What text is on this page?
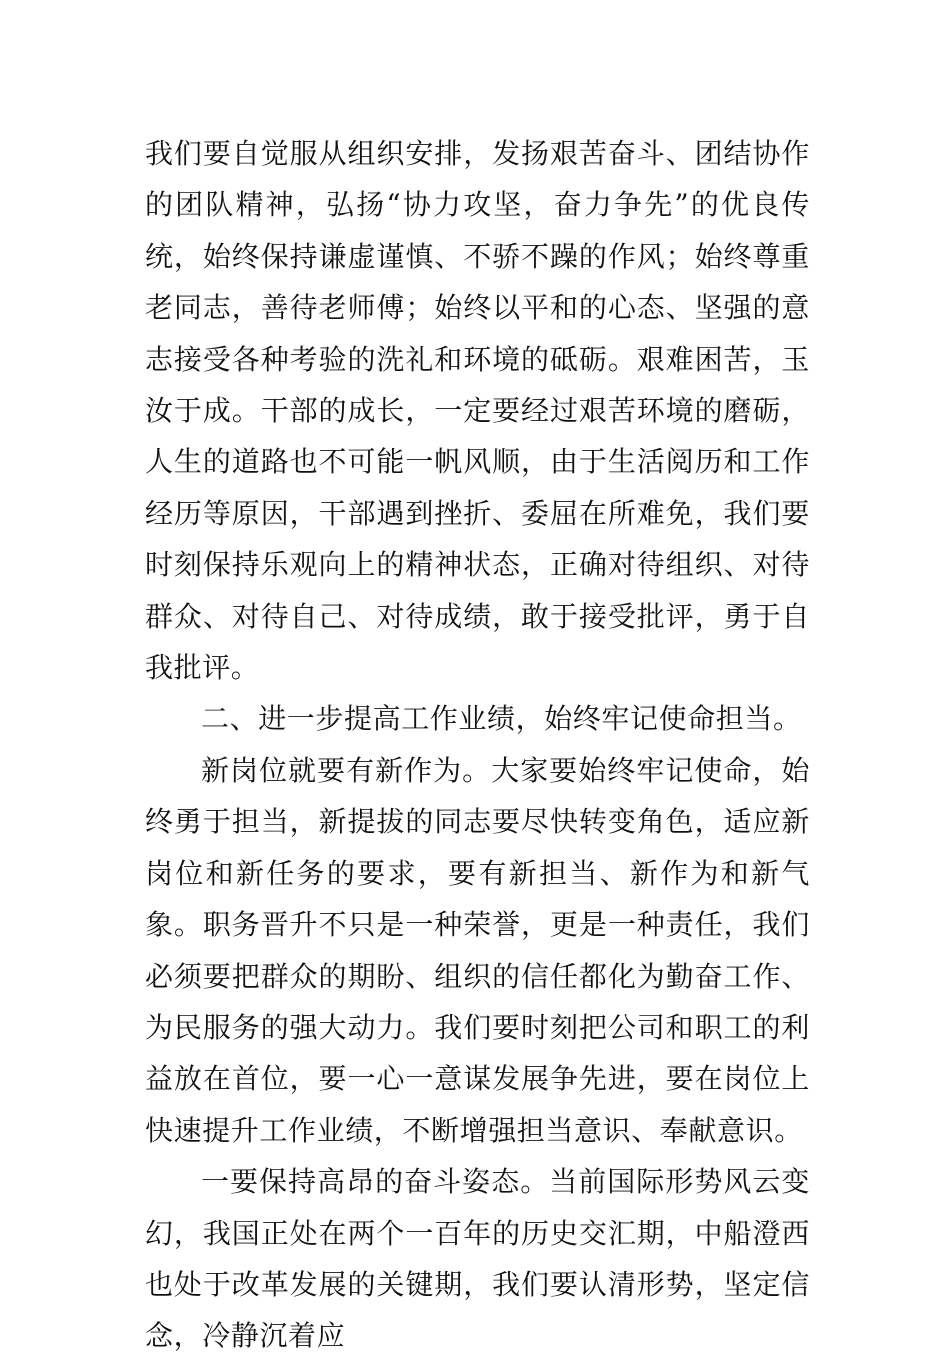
我们要自觉服从组织安排，发扬艰苦奋斗、团结协作的团队精神，弘扬“协力攻坚，奋力争先”的优良传统，始终保持谦虚谨慎、不骄不躁的作风；始终尊重老同志，善待老师傅；始终以平和的心态、坚强的意志接受各种考验的洗礼和环境的砥砺。艰难困苦，玉汝于成。干部的成长，一定要经过艰苦环境的磨砺，人生的道路也不可能一帆风顺，由于生活阅历和工作经历等原因，干部遇到挫折、委屈在所难免，我们要时刻保持乐观向上的精神状态，正确对待组织、对待群众、对待自己、对待成绩，敢于接受批评，勇于自我批评。

二、进一步提高工作业绩，始终牢记使命担当。

新岗位就要有新作为。大家要始终牢记使命，始终勇于担当，新提拔的同志要尽快转变角色，适应新岗位和新任务的要求，要有新担当、新作为和新气象。职务晋升不只是一种荣誉，更是一种责任，我们必须要把群众的期盼、组织的信任都化为勤奋工作、为民服务的强大动力。我们要时刻把公司和职工的利益放在首位，要一心一意谋发展争先进，要在岗位上快速提升工作业绩，不断增强担当意识、奉献意识。

一要保持高昂的奋斗姿态。当前国际形势风云变幻，我国正处在两个一百年的历史交汇期，中船澄西也处于改革发展的关键期，我们要认清形势，坚定信念，冷静沉着应
